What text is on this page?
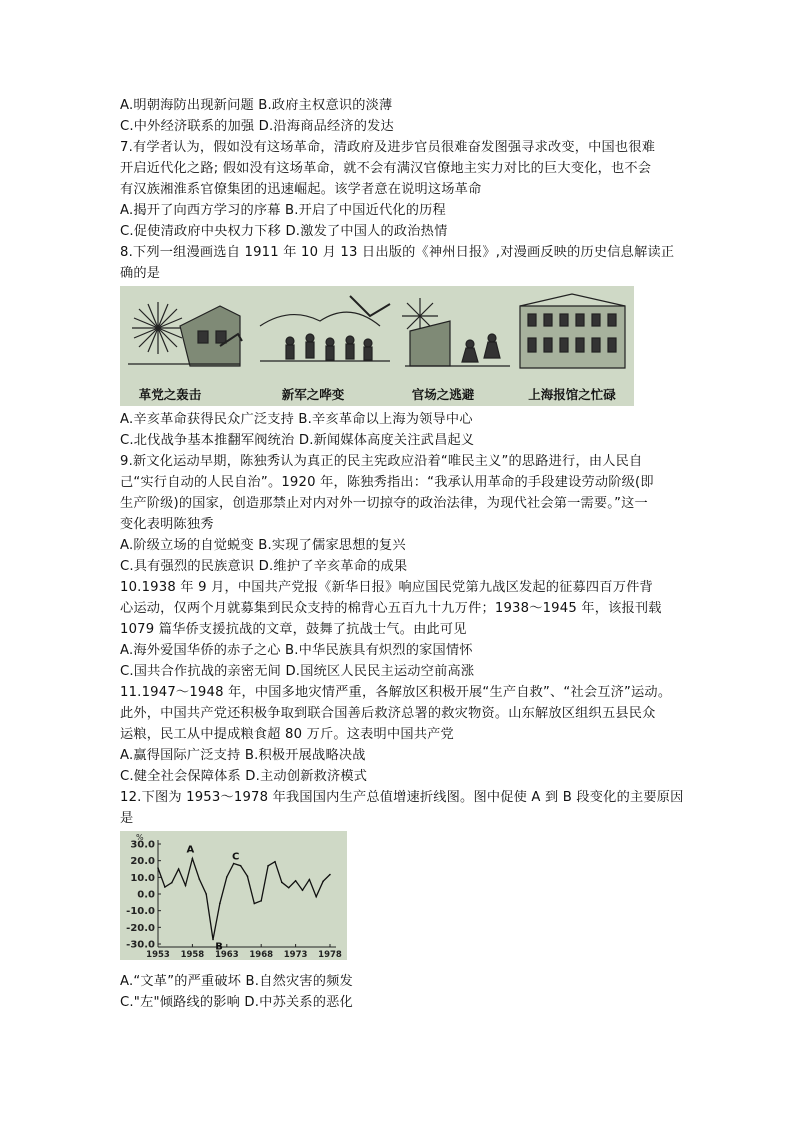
A.明朝海防出现新问题 B.政府主权意识的淡薄
C.中外经济联系的加强 D.沿海商品经济的发达
7.有学者认为，假如没有这场革命，清政府及进步官员很难奋发图强寻求改变，中国也很难
开启近代化之路; 假如没有这场革命，就不会有满汉官僚地主实力对比的巨大变化，也不会
有汉族湘淮系官僚集团的迅速崛起。该学者意在说明这场革命
A.揭开了向西方学习的序幕 B.开启了中国近代化的历程
C.促使清政府中央权力下移 D.激发了中国人的政治热情
8.下列一组漫画选自 1911 年 10 月 13 日出版的《神州日报》,对漫画反映的历史信息解读正
确的是
革党之轰击	新军之哗变	官场之逃避	上海报馆之忙碌
A.辛亥革命获得民众广泛支持 B.辛亥革命以上海为领导中心
C.北伐战争基本推翻军阀统治 D.新闻媒体高度关注武昌起义
9.新文化运动早期，陈独秀认为真正的民主宪政应沿着“唯民主义”的思路进行，由人民自
己“实行自动的人民自治”。1920 年，陈独秀指出：“我承认用革命的手段建设劳动阶级(即
生产阶级)的国家，创造那禁止对内对外一切掠夺的政治法律，为现代社会第一需要。”这一
变化表明陈独秀
A.阶级立场的自觉蜕变 B.实现了儒家思想的复兴
C.具有强烈的民族意识 D.维护了辛亥革命的成果
10.1938 年 9 月，中国共产党报《新华日报》响应国民党第九战区发起的征募四百万件背
心运动，仅两个月就募集到民众支持的棉背心五百九十九万件；1938～1945 年，该报刊载
1079 篇华侨支援抗战的文章，鼓舞了抗战士气。由此可见
A.海外爱国华侨的赤子之心 B.中华民族具有炽烈的家国情怀
C.国共合作抗战的亲密无间 D.国统区人民民主运动空前高涨
11.1947～1948 年，中国多地灾情严重，各解放区积极开展“生产自救”、“社会互济”运动。
此外，中国共产党还积极争取到联合国善后救济总署的救灾物资。山东解放区组织五县民众
运粮，民工从中提成粮食超 80 万斤。这表明中国共产党
A.赢得国际广泛支持 B.积极开展战略决战
C.健全社会保障体系 D.主动创新救济模式
12.下图为 1953～1978 年我国国内生产总值增速折线图。图中促使 A 到 B 段变化的主要原因
是
%
30.0
20.0
10.0
0.0
-10.0
-20.0
-30.0
1953 1958 1963 1968 1973 1978
A
B
C
A.“文革”的严重破坏 B.自然灾害的频发
C."左"倾路线的影响 D.中苏关系的恶化
